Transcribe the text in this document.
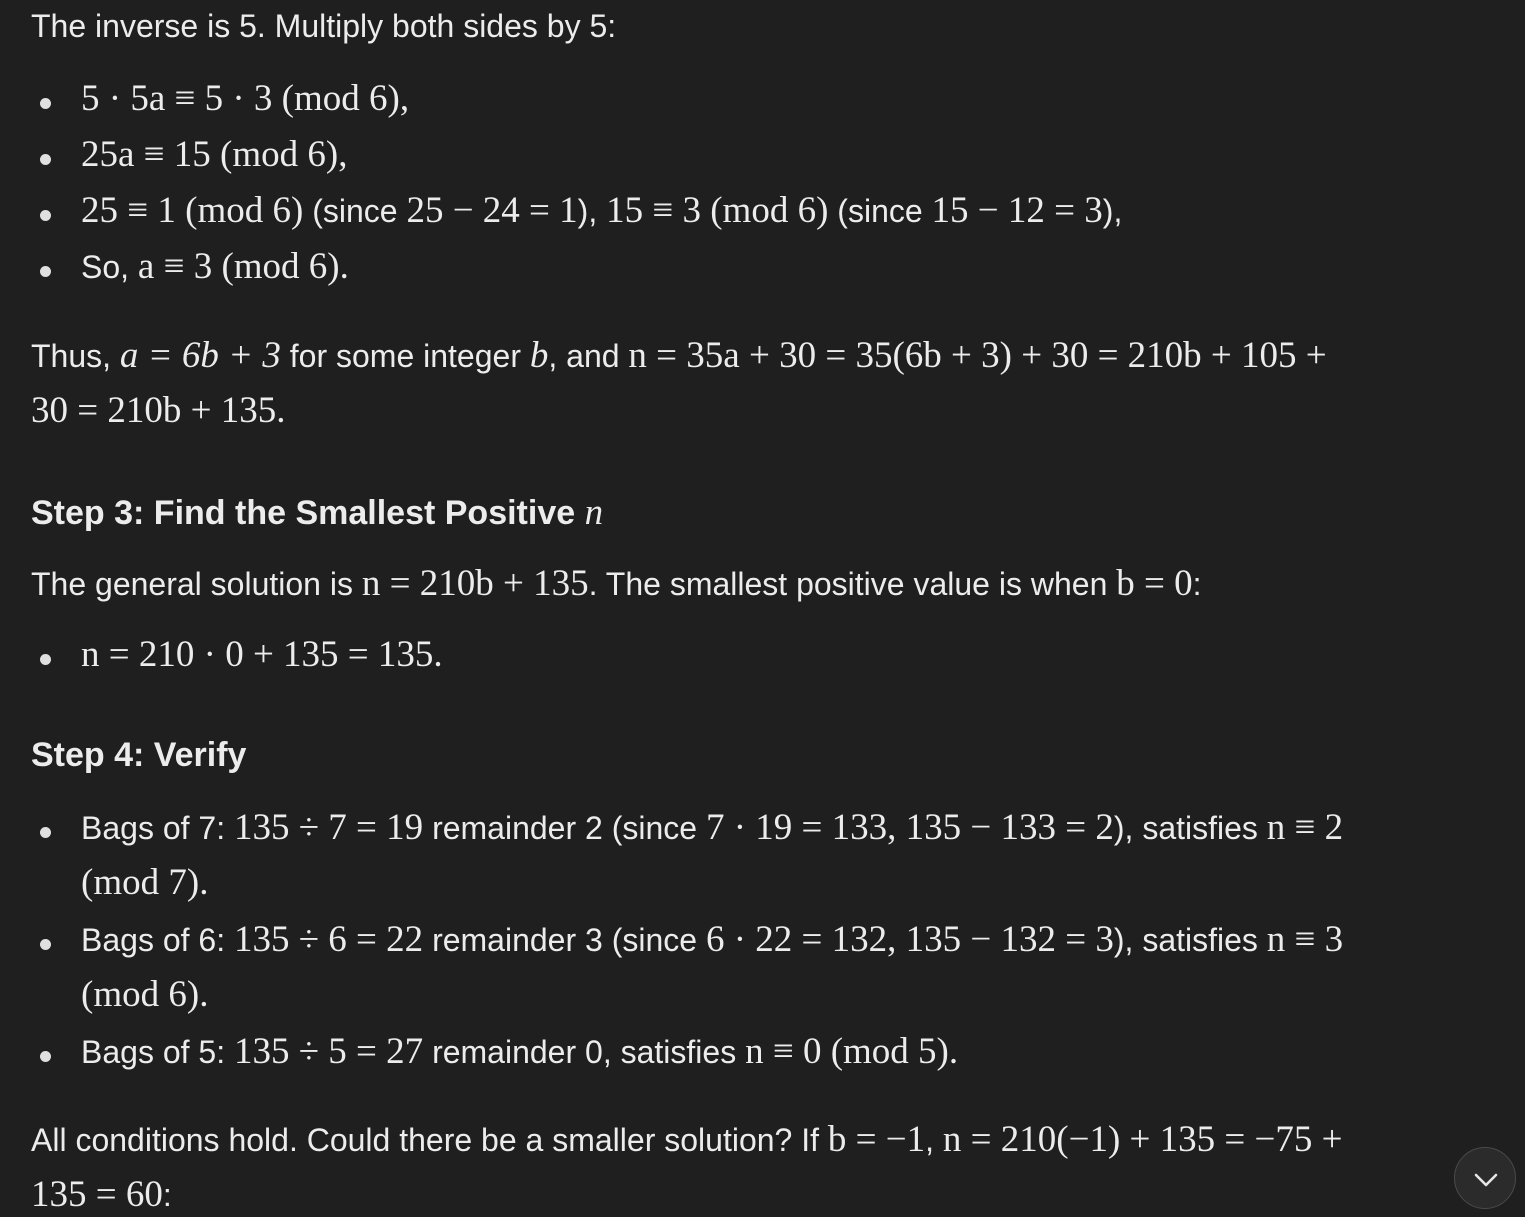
The inverse is 5. Multiply both sides by 5:
5 · 5a ≡ 5 · 3 (mod 6),
25a ≡ 15 (mod 6),
25 ≡ 1 (mod 6) (since 25 − 24 = 1), 15 ≡ 3 (mod 6) (since 15 − 12 = 3),
So, a ≡ 3 (mod 6).
Thus, a = 6b + 3 for some integer b, and n = 35a + 30 = 35(6b + 3) + 30 = 210b + 105 +
30 = 210b + 135.
Step 3: Find the Smallest Positive n
The general solution is n = 210b + 135. The smallest positive value is when b = 0:
n = 210 · 0 + 135 = 135.
Step 4: Verify
Bags of 7: 135 ÷ 7 = 19 remainder 2 (since 7 · 19 = 133, 135 − 133 = 2), satisfies n ≡ 2
(mod 7).
Bags of 6: 135 ÷ 6 = 22 remainder 3 (since 6 · 22 = 132, 135 − 132 = 3), satisfies n ≡ 3
(mod 6).
Bags of 5: 135 ÷ 5 = 27 remainder 0, satisfies n ≡ 0 (mod 5).
All conditions hold. Could there be a smaller solution? If b = −1, n = 210(−1) + 135 = −75 +
135 = 60:
